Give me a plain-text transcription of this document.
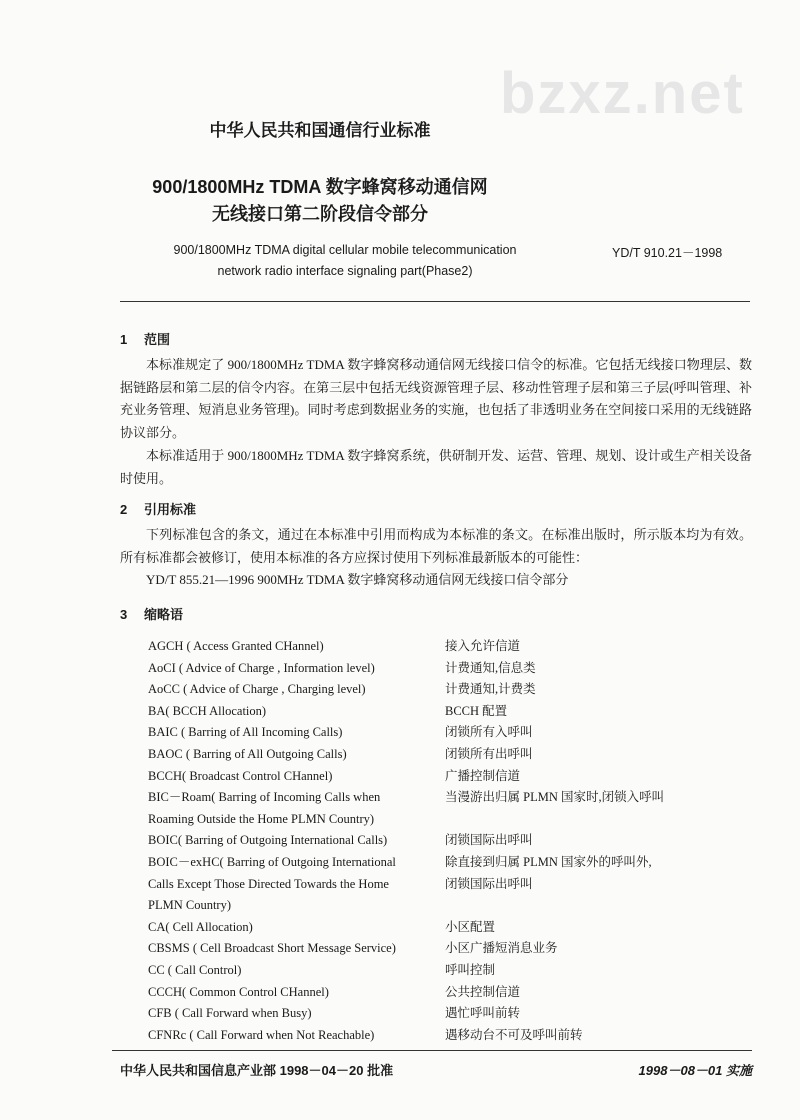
bzxz.net
中华人民共和国通信行业标准
900/1800MHz TDMA 数字蜂窝移动通信网
无线接口第二阶段信令部分
900/1800MHz TDMA digital cellular mobile telecommunication
network radio interface signaling part(Phase2)
YD/T 910.21－1998
1 范围

本标准规定了 900/1800MHz TDMA 数字蜂窝移动通信网无线接口信令的标准。它包括无线接口物理层、数据链路层和第二层的信令内容。在第三层中包括无线资源管理子层、移动性管理子层和第三子层(呼叫管理、补充业务管理、短消息业务管理)。同时考虑到数据业务的实施，也包括了非透明业务在空间接口采用的无线链路协议部分。

本标准适用于 900/1800MHz TDMA 数字蜂窝系统，供研制开发、运营、管理、规划、设计或生产相关设备时使用。

2 引用标准

下列标准包含的条文，通过在本标准中引用而构成为本标准的条文。在标准出版时，所示版本均为有效。所有标准都会被修订，使用本标准的各方应探讨使用下列标准最新版本的可能性：

YD/T 855.21—1996 900MHz TDMA 数字蜂窝移动通信网无线接口信令部分

3 缩略语
AGCH ( Access Granted CHannel)	接入允许信道
AoCI ( Advice of Charge , Information level)	计费通知,信息类
AoCC ( Advice of Charge , Charging level)	计费通知,计费类
BA( BCCH Allocation)	BCCH 配置
BAIC ( Barring of All Incoming Calls)	闭锁所有入呼叫
BAOC ( Barring of All Outgoing Calls)	闭锁所有出呼叫
BCCH( Broadcast Control CHannel)	广播控制信道
BIC－Roam( Barring of Incoming Calls when
Roaming Outside the Home PLMN Country)
当漫游出归属 PLMN 国家时,闭锁入呼叫
BOIC( Barring of Outgoing International Calls)	闭锁国际出呼叫
BOIC－exHC( Barring of Outgoing International
Calls Except Those Directed Towards the Home
PLMN Country)
除直接到归属 PLMN 国家外的呼叫外,
闭锁国际出呼叫
CA( Cell Allocation)	小区配置
CBSMS ( Cell Broadcast Short Message Service)	小区广播短消息业务
CC ( Call Control)	呼叫控制
CCCH( Common Control CHannel)	公共控制信道
CFB ( Call Forward when Busy)	遇忙呼叫前转
CFNRc ( Call Forward when Not Reachable)	遇移动台不可及呼叫前转
中华人民共和国信息产业部 1998－04－20 批准	1998－08－01 实施
